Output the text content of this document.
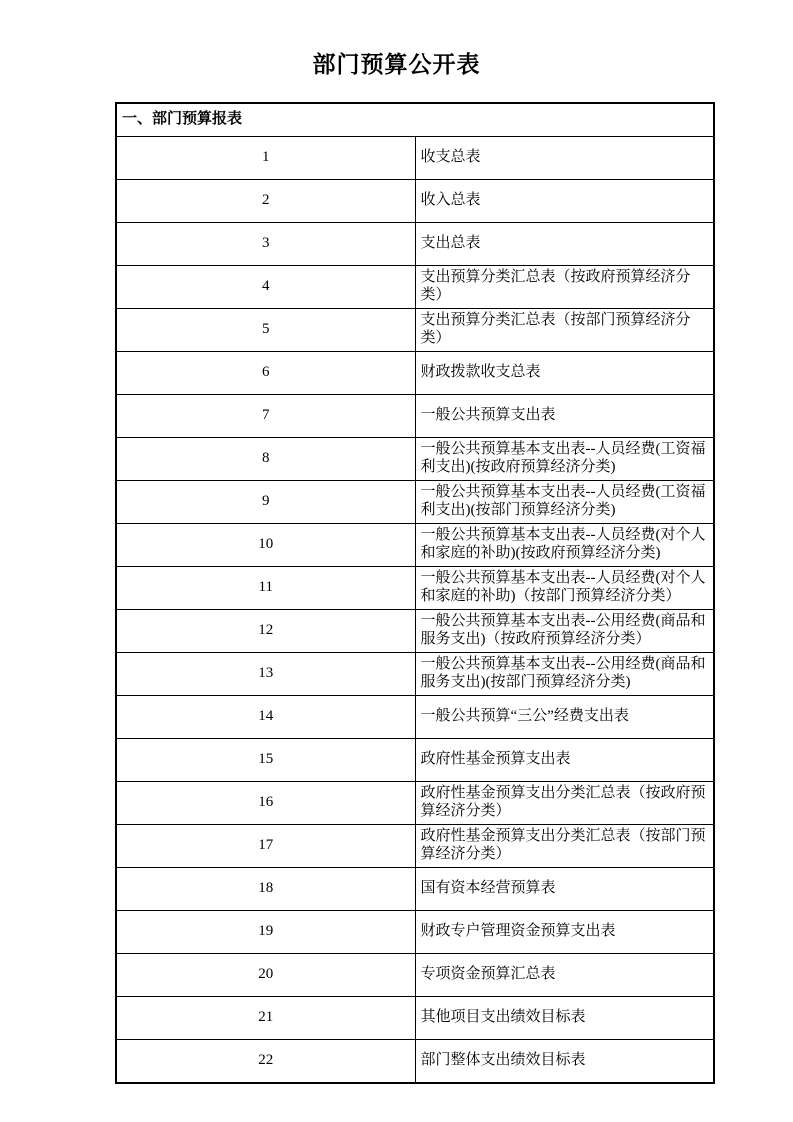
部门预算公开表
一、部门预算报表	
1	收支总表
2	收入总表
3	支出总表
4	支出预算分类汇总表（按政府预算经济分类）
5	支出预算分类汇总表（按部门预算经济分类）
6	财政拨款收支总表
7	一般公共预算支出表
8	一般公共预算基本支出表--人员经费(工资福利支出)(按政府预算经济分类)
9	一般公共预算基本支出表--人员经费(工资福利支出)(按部门预算经济分类)
10	一般公共预算基本支出表--人员经费(对个人和家庭的补助)(按政府预算经济分类)
11	一般公共预算基本支出表--人员经费(对个人和家庭的补助)（按部门预算经济分类）
12	一般公共预算基本支出表--公用经费(商品和服务支出)（按政府预算经济分类）
13	一般公共预算基本支出表--公用经费(商品和服务支出)(按部门预算经济分类)
14	一般公共预算“三公”经费支出表
15	政府性基金预算支出表
16	政府性基金预算支出分类汇总表（按政府预算经济分类）
17	政府性基金预算支出分类汇总表（按部门预算经济分类）
18	国有资本经营预算表
19	财政专户管理资金预算支出表
20	专项资金预算汇总表
21	其他项目支出绩效目标表
22	部门整体支出绩效目标表
